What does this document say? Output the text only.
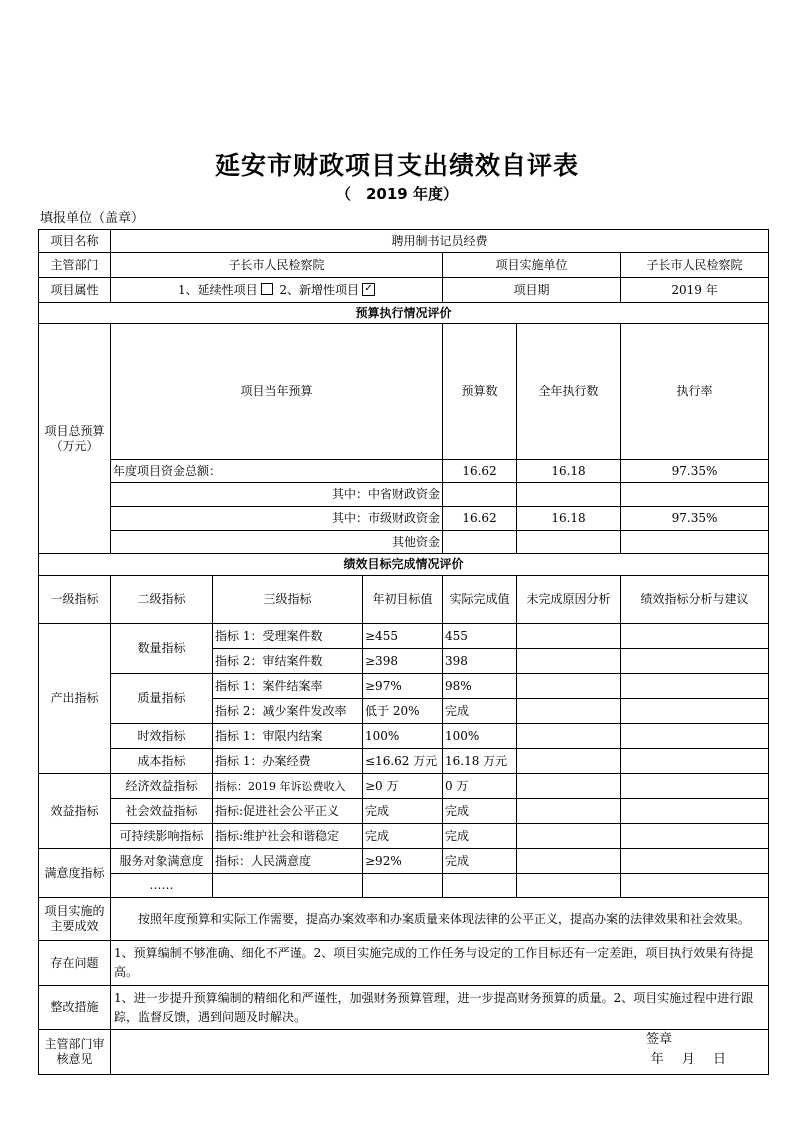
延安市财政项目支出绩效自评表
（　2019 年度）
填报单位（盖章）
项目名称	聘用制书记员经费						
主管部门	子长市人民检察院			项目实施单位		子长市人民检察院	
项目属性	1、延续性项目 2、新增性项目 ✓			项目期		2019 年	
预算执行情况评价							
项目总预算（万元）	项目当年预算			预算数	全年执行数	执行率	
	年度项目资金总额：			16.62	16.18	97.35%	
	其中：中省财政资金						
	其中：市级财政资金			16.62	16.18	97.35%	
	其他资金						
绩效目标完成情况评价							
一级指标	二级指标	三级指标	年初目标值	实际完成值	未完成原因分析	绩效指标分析与建议	
产出指标	数量指标	指标 1：受理案件数	≥455	455			
		指标 2：审结案件数	≥398	398			
	质量指标	指标 1：案件结案率	≥97%	98%			
		指标 2：减少案件发改率	低于 20%	完成			
	时效指标	指标 1：审限内结案	100%	100%			
	成本指标	指标 1：办案经费	≤16.62 万元	16.18 万元			
效益指标	经济效益指标	指标：2019 年诉讼费收入	≥0 万	0 万			
	社会效益指标	指标:促进社会公平正义	完成	完成			
	可持续影响指标	指标:维护社会和谐稳定	完成	完成			
满意度指标	服务对象满意度	指标：人民满意度	≥92%	完成			
	……						
项目实施的主要成效	按照年度预算和实际工作需要，提高办案效率和办案质量来体现法律的公平正义，提高办案的法律效果和社会效果。						
存在问题	1、预算编制不够准确、细化不严谨。2、项目实施完成的工作任务与设定的工作目标还有一定差距，项目执行效果有待提高。						
整改措施	1、进一步提升预算编制的精细化和严谨性，加强财务预算管理，进一步提高财务预算的质量。2、项目实施过程中进行跟踪，监督反馈，遇到问题及时解决。						
主管部门审核意见	签章
年 月 日						
